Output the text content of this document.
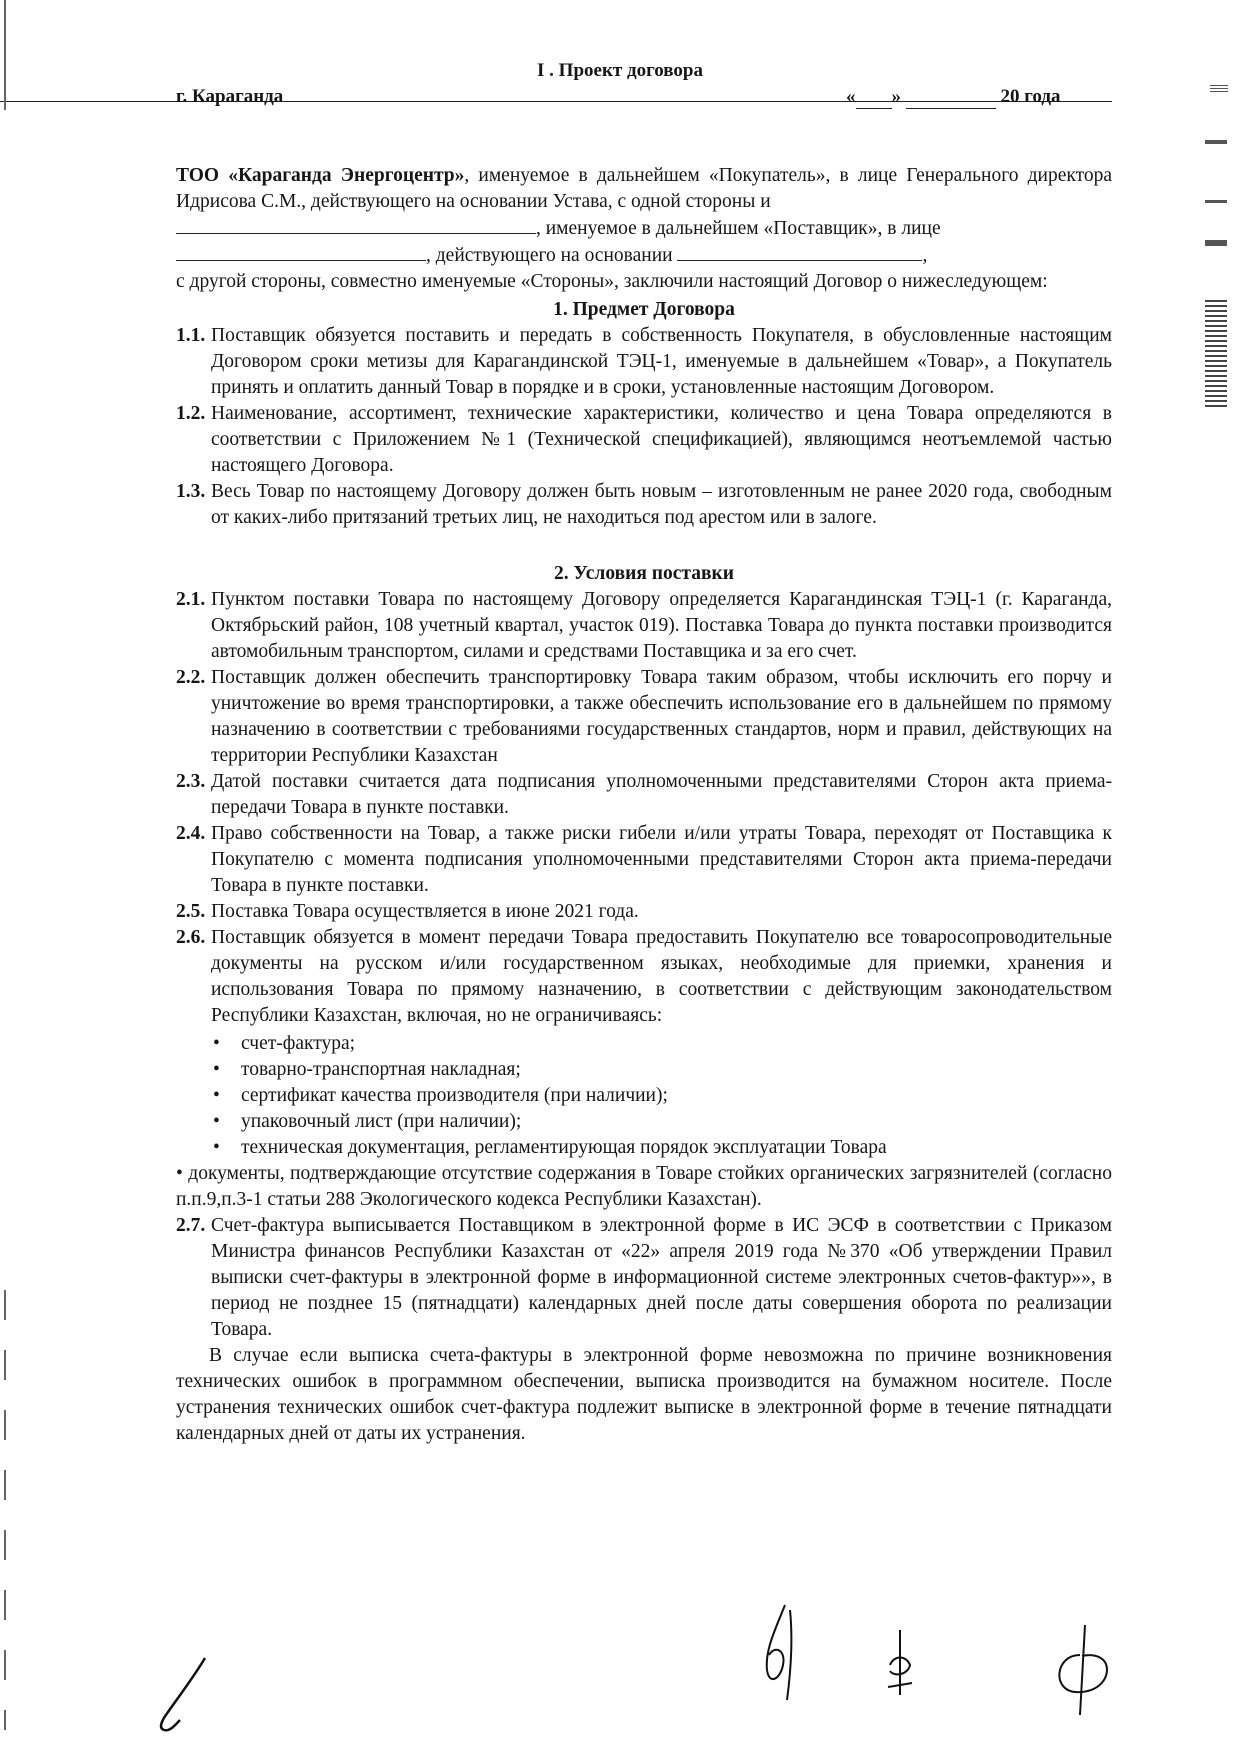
I . Проект договора
г. Караганда	« »	20 года

ТОО «Караганда Энергоцентр», именуемое в дальнейшем «Покупатель», в лице Генерального директора Идрисова С.М., действующего на основании Устава, с одной стороны и
, именуемое в дальнейшем «Поставщик», в лице
, действующего на основании	,
с другой стороны, совместно именуемые «Стороны», заключили настоящий Договор о нижеследующем:

1. Предмет Договора
1.1. Поставщик обязуется поставить и передать в собственность Покупателя, в обусловленные настоящим Договором сроки метизы для Карагандинской ТЭЦ-1, именуемые в дальнейшем «Товар», а Покупатель принять и оплатить данный Товар в порядке и в сроки, установленные настоящим Договором.
1.2. Наименование, ассортимент, технические характеристики, количество и цена Товара определяются в соответствии с Приложением №1 (Технической спецификацией), являющимся неотъемлемой частью настоящего Договора.
1.3. Весь Товар по настоящему Договору должен быть новым – изготовленным не ранее 2020 года, свободным от каких-либо притязаний третьих лиц, не находиться под арестом или в залоге.
2. Условия поставки
2.1. Пунктом поставки Товара по настоящему Договору определяется Карагандинская ТЭЦ-1 (г. Караганда, Октябрьский район, 108 учетный квартал, участок 019). Поставка Товара до пункта поставки производится автомобильным транспортом, силами и средствами Поставщика и за его счет.
2.2. Поставщик должен обеспечить транспортировку Товара таким образом, чтобы исключить его порчу и уничтожение во время транспортировки, а также обеспечить использование его в дальнейшем по прямому назначению в соответствии с требованиями государственных стандартов, норм и правил, действующих на территории Республики Казахстан
2.3. Датой поставки считается дата подписания уполномоченными представителями Сторон акта приема-передачи Товара в пункте поставки.
2.4. Право собственности на Товар, а также риски гибели и/или утраты Товара, переходят от Поставщика к Покупателю с момента подписания уполномоченными представителями Сторон акта приема-передачи Товара в пункте поставки.
2.5. Поставка Товара осуществляется в июне 2021 года.
2.6. Поставщик обязуется в момент передачи Товара предоставить Покупателю все товаросопроводительные документы на русском и/или государственном языках, необходимые для приемки, хранения и использования Товара по прямому назначению, в соответствии с действующим законодательством Республики Казахстан, включая, но не ограничиваясь:
• счет-фактура;
• товарно-транспортная накладная;
• сертификат качества производителя (при наличии);
• упаковочный лист (при наличии);
• техническая документация, регламентирующая порядок эксплуатации Товара

• документы, подтверждающие отсутствие содержания в Товаре стойких органических загрязнителей (согласно п.п.9,п.3-1 статьи 288 Экологического кодекса Республики Казахстан).

2.7. Счет-фактура выписывается Поставщиком в электронной форме в ИС ЭСФ в соответствии с Приказом Министра финансов Республики Казахстан от «22» апреля 2019 года №370 «Об утверждении Правил выписки счет-фактуры в электронной форме в информационной системе электронных счетов-фактур»», в период не позднее 15 (пятнадцати) календарных дней после даты совершения оборота по реализации Товара.

В случае если выписка счета-фактуры в электронной форме невозможна по причине возникновения технических ошибок в программном обеспечении, выписка производится на бумажном носителе. После устранения технических ошибок счет-фактура подлежит выписке в электронной форме в течение пятнадцати календарных дней от даты их устранения.
